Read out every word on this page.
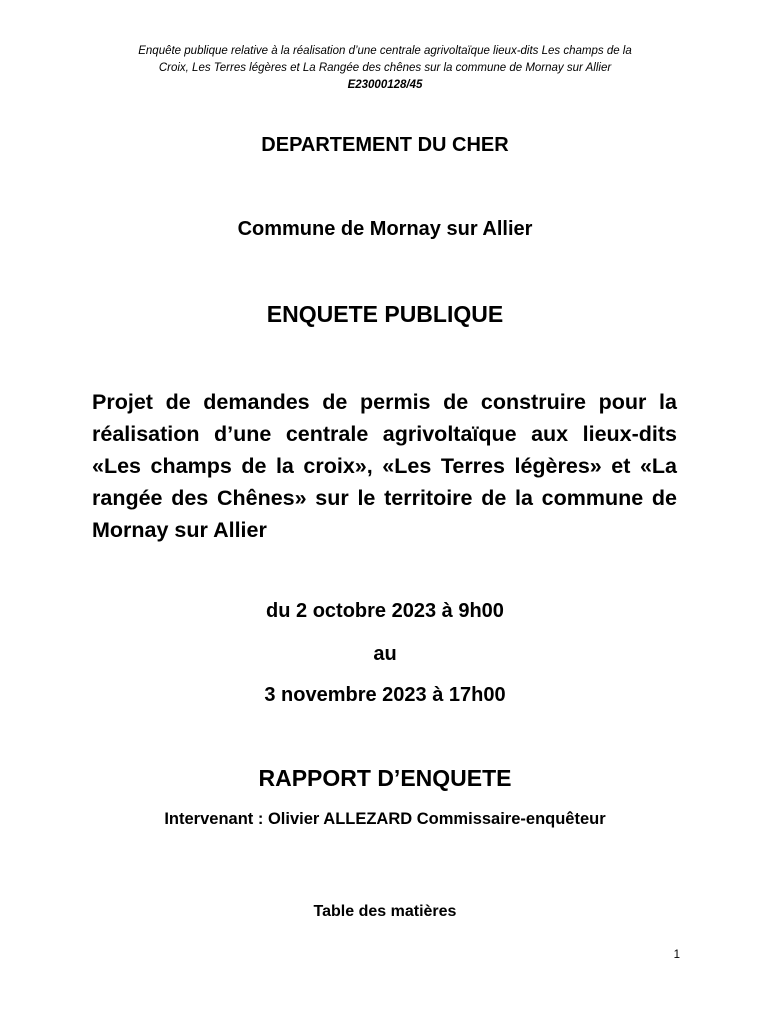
Enquête publique relative à la réalisation d’une centrale agrivoltaïque lieux-dits Les champs de la
Croix, Les Terres légères et La Rangée des chênes sur la commune de Mornay sur Allier
E23000128/45
DEPARTEMENT DU CHER
Commune de Mornay sur Allier
ENQUETE PUBLIQUE
Projet de demandes de permis de construire pour la réalisation d’une centrale agrivoltaïque aux lieux-dits «Les champs de la croix», «Les Terres légères» et «La rangée des Chênes» sur le territoire de la commune de Mornay sur Allier
du 2 octobre 2023 à 9h00
au
3 novembre 2023 à 17h00
RAPPORT D’ENQUETE
Intervenant : Olivier ALLEZARD Commissaire-enquêteur
Table des matières
1
